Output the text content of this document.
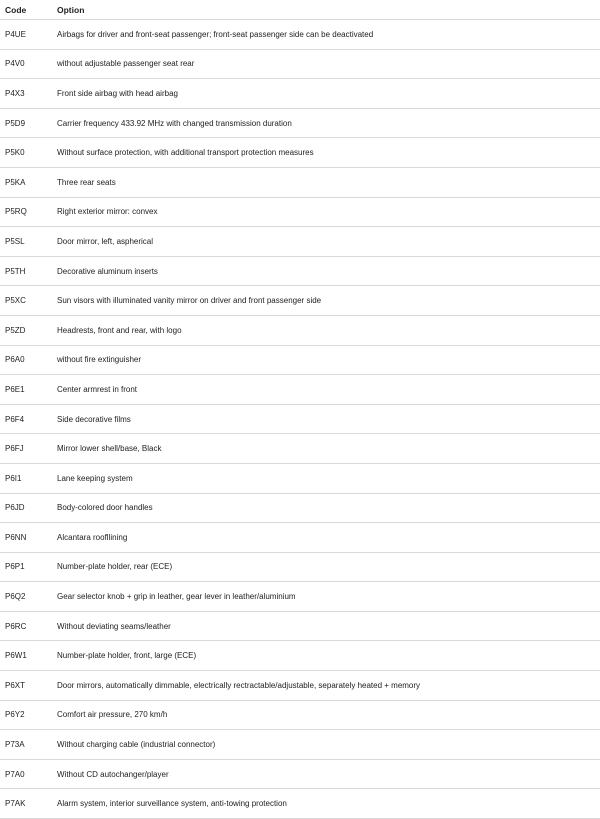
Code	Option
P4UE	Airbags for driver and front-seat passenger; front-seat passenger side can be deactivated
P4V0	without adjustable passenger seat rear
P4X3	Front side airbag with head airbag
P5D9	Carrier frequency 433.92 MHz with changed transmission duration
P5K0	Without surface protection, with additional transport protection measures
P5KA	Three rear seats
P5RQ	Right exterior mirror: convex
P5SL	Door mirror, left, aspherical
P5TH	Decorative aluminum inserts
P5XC	Sun visors with illuminated vanity mirror on driver and front passenger side
P5ZD	Headrests, front and rear, with logo
P6A0	without fire extinguisher
P6E1	Center armrest in front
P6F4	Side decorative films
P6FJ	Mirror lower shell/base, Black
P6I1	Lane keeping system
P6JD	Body-colored door handles
P6NN	Alcantara roofllining
P6P1	Number-plate holder, rear (ECE)
P6Q2	Gear selector knob + grip in leather, gear lever in leather/aluminium
P6RC	Without deviating seams/leather
P6W1	Number-plate holder, front, large (ECE)
P6XT	Door mirrors, automatically dimmable, electrically rectractable/adjustable, separately heated + memory
P6Y2	Comfort air pressure, 270 km/h
P73A	Without charging cable (industrial connector)
P7A0	Without CD autochanger/player
P7AK	Alarm system, interior surveillance system, anti-towing protection
